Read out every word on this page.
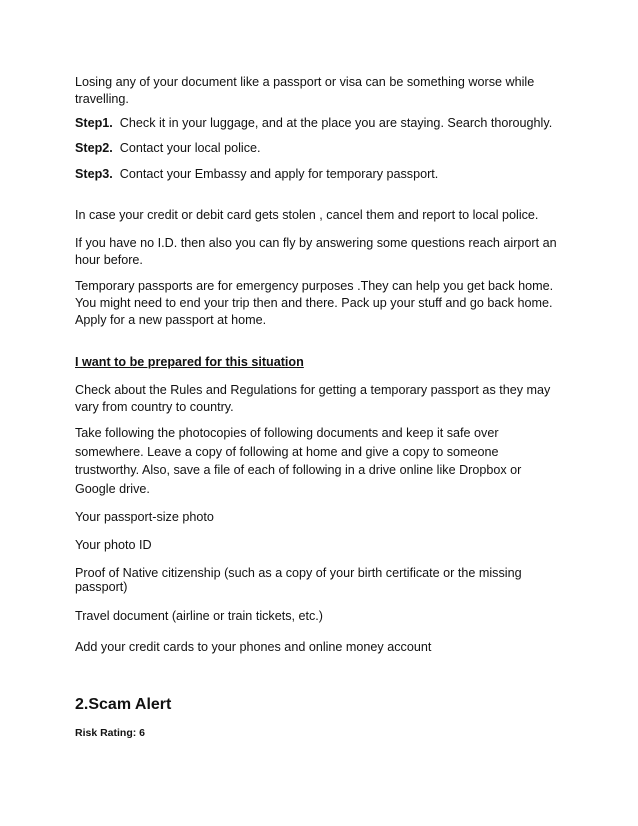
Losing any of your document like a passport or visa can be something worse while
travelling.
Step1. Check it in your luggage, and at the place you are staying. Search thoroughly.
Step2. Contact your local police.
Step3. Contact your Embassy and apply for temporary passport.
In case your credit or debit card gets stolen , cancel them and report to local police.
If you have no I.D. then also you can fly by answering some questions reach airport an
hour before.
Temporary passports are for emergency purposes .They can help you get back home.
You might need to end your trip then and there. Pack up your stuff and go back home.
Apply for a new passport at home.
I want to be prepared for this situation
Check about the Rules and Regulations for getting a temporary passport as they may
vary from country to country.
Take following the photocopies of following documents and keep it safe over
somewhere. Leave a copy of following at home and give a copy to someone
trustworthy. Also, save a file of each of following in a drive online like Dropbox or
Google drive.
Your passport-size photo
Your photo ID
Proof of Native citizenship (such as a copy of your birth certificate or the missing
passport)
Travel document (airline or train tickets, etc.)
Add your credit cards to your phones and online money account
2.Scam Alert
Risk Rating: 6
